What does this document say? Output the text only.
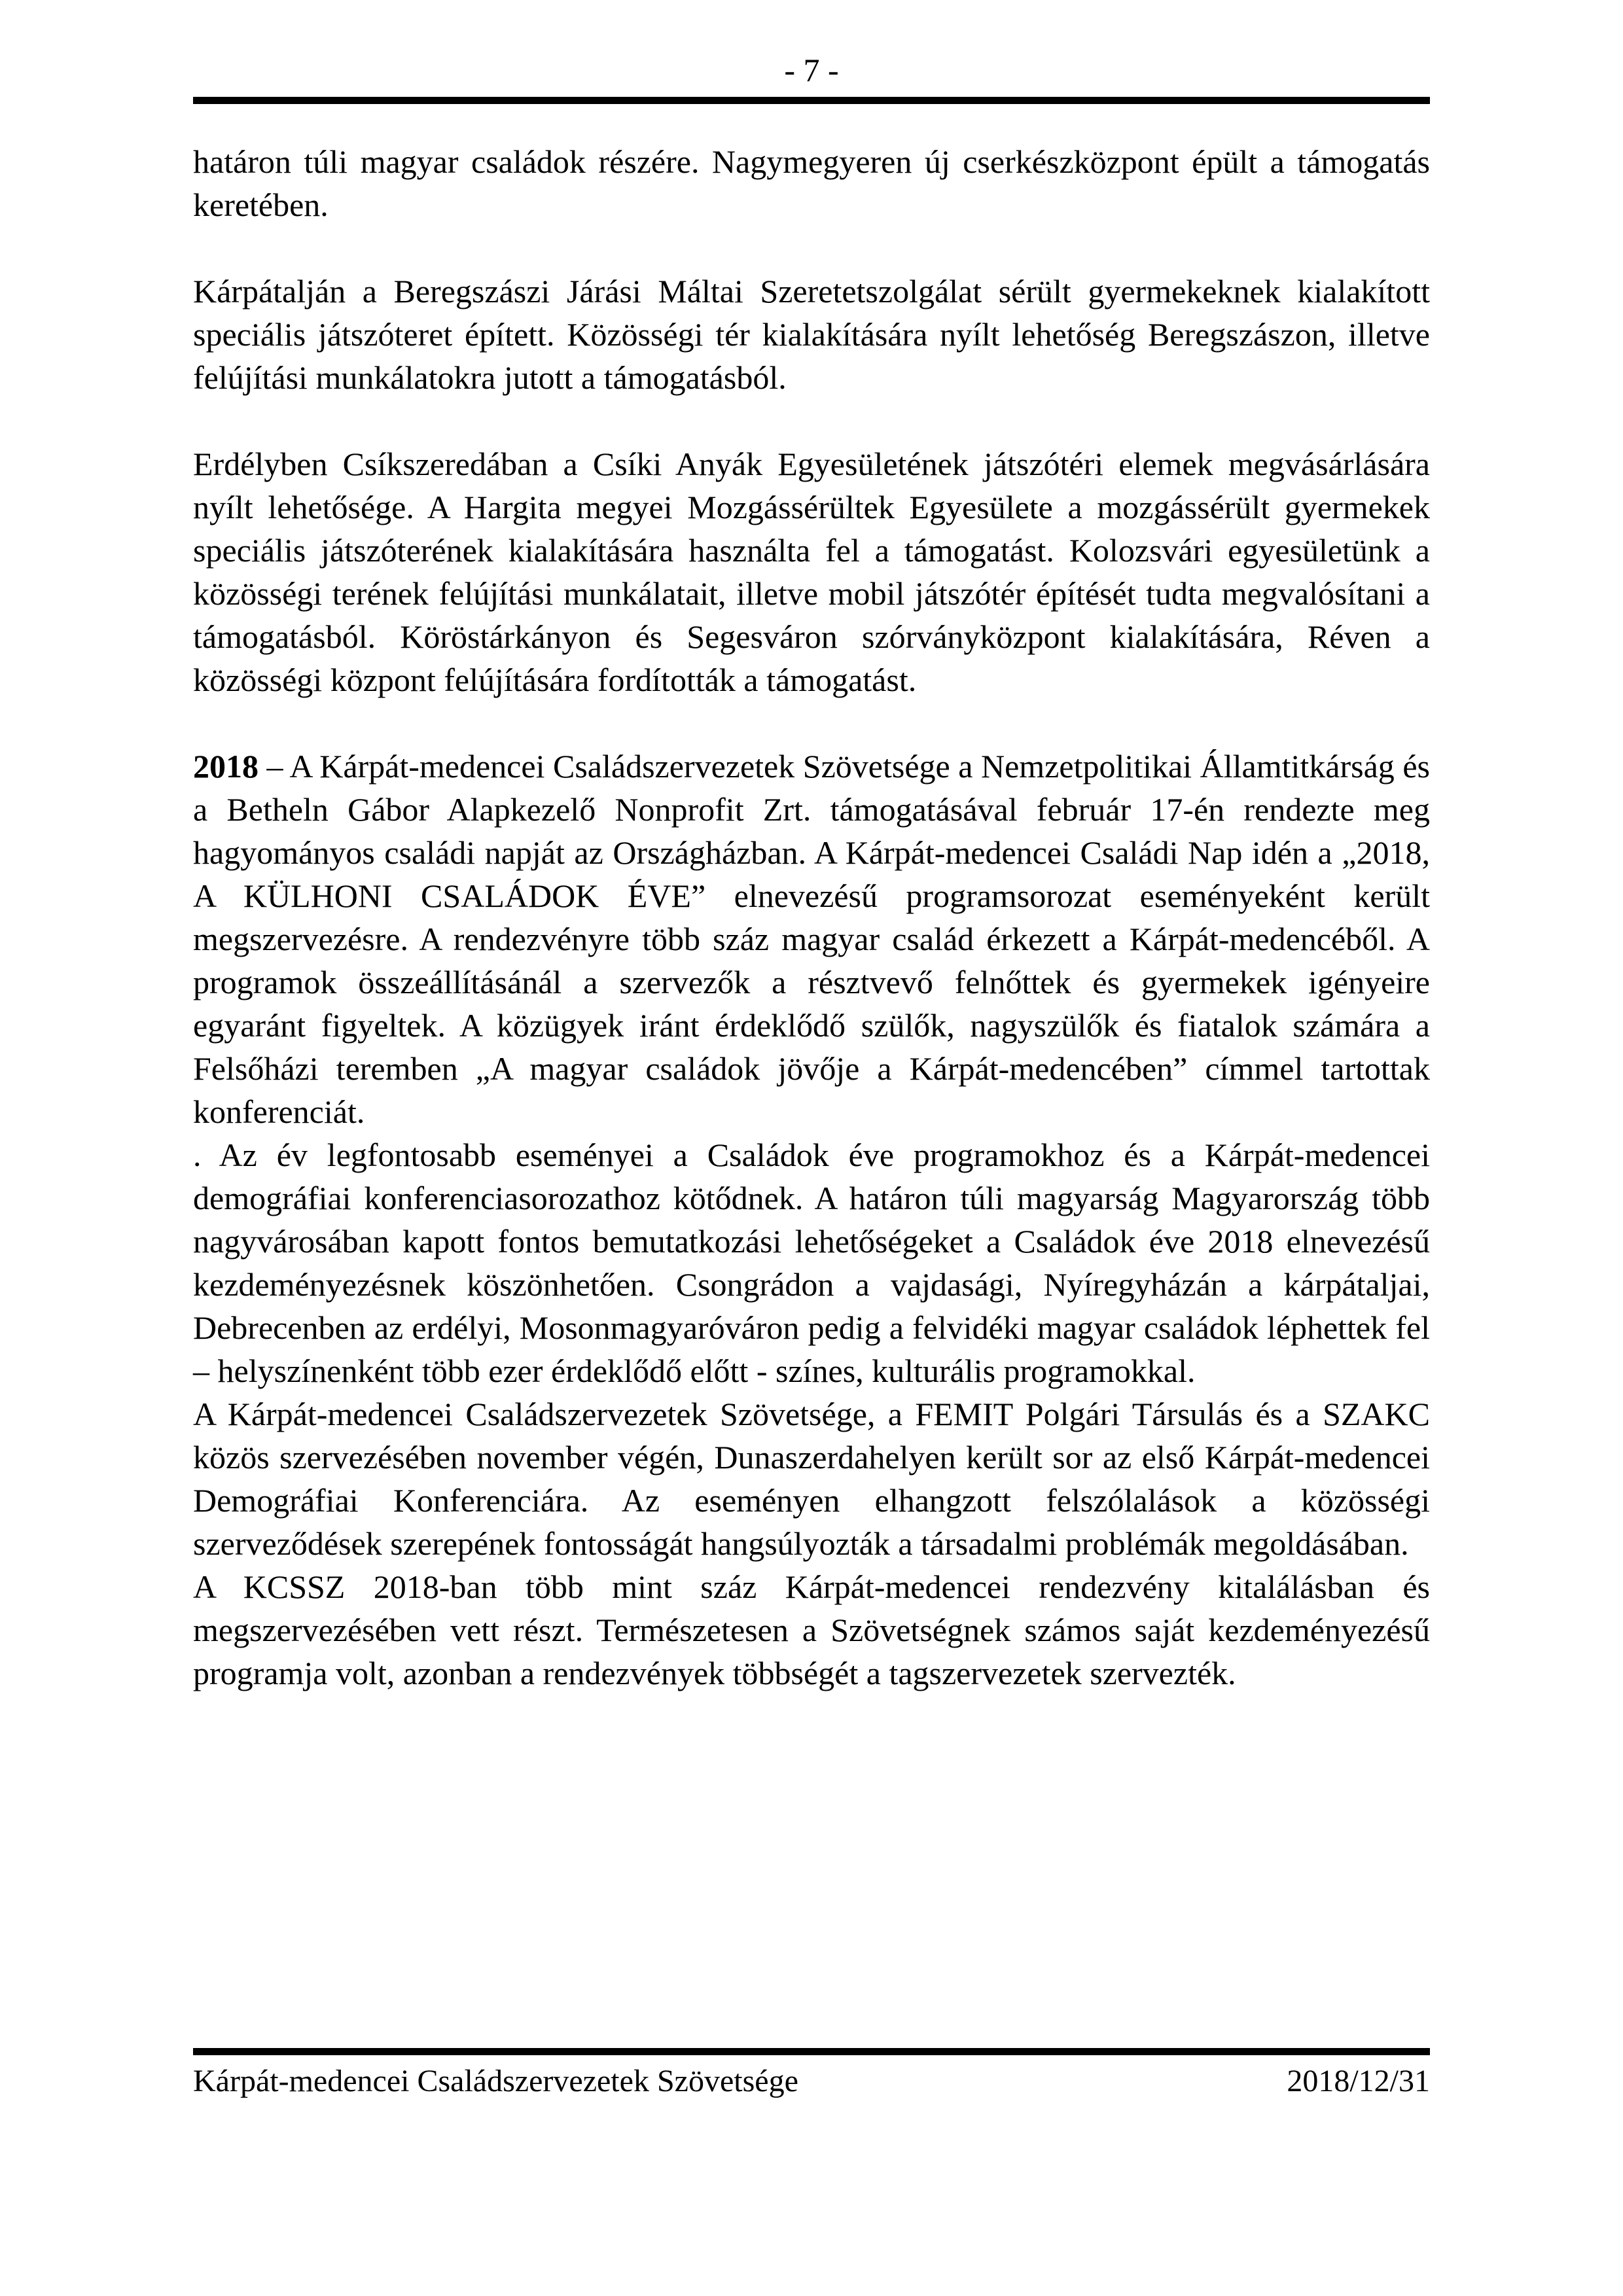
- 7 -

határon túli magyar családok részére. Nagymegyeren új cserkészközpont épült a támogatás keretében.

Kárpátalján a Beregszászi Járási Máltai Szeretetszolgálat sérült gyermekeknek kialakított speciális játszóteret épített. Közösségi tér kialakítására nyílt lehetőség Beregszászon, illetve felújítási munkálatokra jutott a támogatásból.

Erdélyben Csíkszeredában a Csíki Anyák Egyesületének játszótéri elemek megvásárlására nyílt lehetősége. A Hargita megyei Mozgássérültek Egyesülete a mozgássérült gyermekek speciális játszóterének kialakítására használta fel a támogatást. Kolozsvári egyesületünk a közösségi terének felújítási munkálatait, illetve mobil játszótér építését tudta megvalósítani a támogatásból. Köröstárkányon és Segesváron szórványközpont kialakítására, Réven a közösségi központ felújítására fordították a támogatást.

2018 – A Kárpát-medencei Családszervezetek Szövetsége a Nemzetpolitikai Államtitkárság és a Betheln Gábor Alapkezelő Nonprofit Zrt. támogatásával február 17-én rendezte meg hagyományos családi napját az Országházban. A Kárpát-medencei Családi Nap idén a „2018, A KÜLHONI CSALÁDOK ÉVE” elnevezésű programsorozat eseményeként került megszervezésre. A rendezvényre több száz magyar család érkezett a Kárpát-medencéből. A programok összeállításánál a szervezők a résztvevő felnőttek és gyermekek igényeire egyaránt figyeltek. A közügyek iránt érdeklődő szülők, nagyszülők és fiatalok számára a Felsőházi teremben „A magyar családok jövője a Kárpát-medencében” címmel tartottak konferenciát.

. Az év legfontosabb eseményei a Családok éve programokhoz és a Kárpát-medencei demográfiai konferenciasorozathoz kötődnek. A határon túli magyarság Magyarország több nagyvárosában kapott fontos bemutatkozási lehetőségeket a Családok éve 2018 elnevezésű kezdeményezésnek köszönhetően. Csongrádon a vajdasági, Nyíregyházán a kárpátaljai, Debrecenben az erdélyi, Mosonmagyaróváron pedig a felvidéki magyar családok léphettek fel – helyszínenként több ezer érdeklődő előtt - színes, kulturális programokkal.

A Kárpát-medencei Családszervezetek Szövetsége, a FEMIT Polgári Társulás és a SZAKC közös szervezésében november végén, Dunaszerdahelyen került sor az első Kárpát-medencei Demográfiai Konferenciára. Az eseményen elhangzott felszólalások a közösségi szerveződések szerepének fontosságát hangsúlyozták a társadalmi problémák megoldásában.

A KCSSZ 2018-ban több mint száz Kárpát-medencei rendezvény kitalálásban és megszervezésében vett részt. Természetesen a Szövetségnek számos saját kezdeményezésű programja volt, azonban a rendezvények többségét a tagszervezetek szervezték.

Kárpát-medencei Családszervezetek Szövetsége	2018/12/31
